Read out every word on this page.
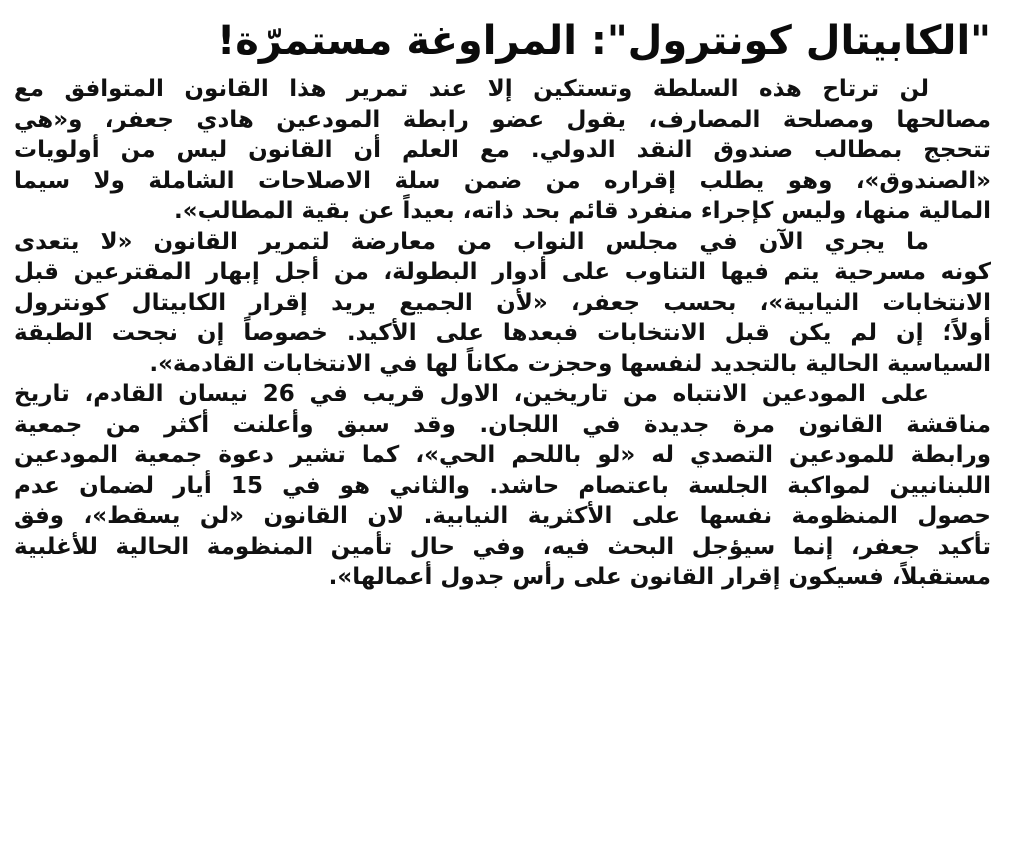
"الكابيتال كونترول": المراوغة مستمرّة!
لن ترتاح هذه السلطة وتستكين إلا عند تمرير هذا القانون المتوافق مع
مصالحها ومصلحة المصارف، يقول عضو رابطة المودعين هادي جعفر، و«هي
تتحجج بمطالب صندوق النقد الدولي. مع العلم أن القانون ليس من أولويات
«الصندوق»، وهو يطلب إقراره من ضمن سلة الاصلاحات الشاملة ولا سيما
المالية منها، وليس كإجراء منفرد قائم بحد ذاته، بعيداً عن بقية المطالب».
ما يجري الآن في مجلس النواب من معارضة لتمرير القانون «لا يتعدى
كونه مسرحية يتم فيها التناوب على أدوار البطولة، من أجل إبهار المقترعين قبل
الانتخابات النيابية»، بحسب جعفر، «لأن الجميع يريد إقرار الكابيتال كونترول
أولاً؛ إن لم يكن قبل الانتخابات فبعدها على الأكيد. خصوصاً إن نجحت الطبقة
السياسية الحالية بالتجديد لنفسها وحجزت مكاناً لها في الانتخابات القادمة».
على المودعين الانتباه من تاريخين، الاول قريب في 26 نيسان القادم، تاريخ
مناقشة القانون مرة جديدة في اللجان. وقد سبق وأعلنت أكثر من جمعية
ورابطة للمودعين التصدي له «لو باللحم الحي»، كما تشير دعوة جمعية المودعين
اللبنانيين لمواكبة الجلسة باعتصام حاشد. والثاني هو في 15 أيار لضمان عدم
حصول المنظومة نفسها على الأكثرية النيابية. لان القانون «لن يسقط»، وفق
تأكيد جعفر، إنما سيؤجل البحث فيه، وفي حال تأمين المنظومة الحالية للأغلبية
مستقبلاً، فسيكون إقرار القانون على رأس جدول أعمالها».
